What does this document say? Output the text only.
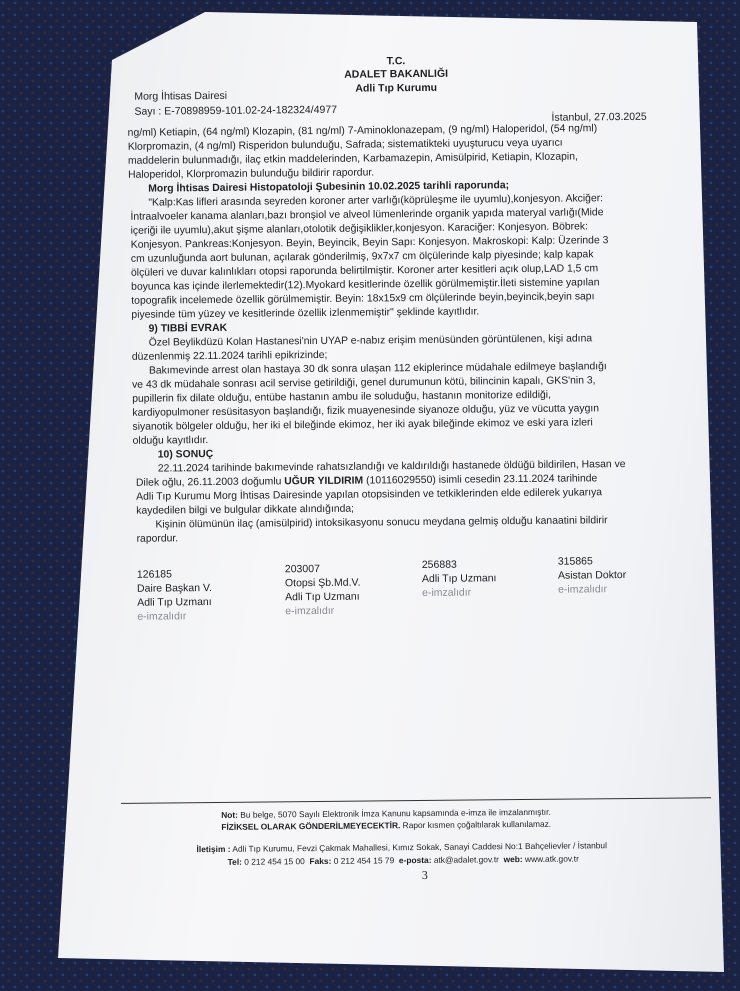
T.C.
ADALET BAKANLIĞI
Adli Tıp Kurumu
Morg İhtisas Dairesi
Sayı : E-70898959-101.02-24-182324/4977	İstanbul, 27.03.2025
ng/ml) Ketiapin, (64 ng/ml) Klozapin, (81 ng/ml) 7-Aminoklonazepam, (9 ng/ml) Haloperidol, (54 ng/ml)
Klorpromazin, (4 ng/ml) Risperidon bulunduğu, Safrada; sistematikteki uyuşturucu veya uyarıcı
maddelerin bulunmadığı, ilaç etkin maddelerinden, Karbamazepin, Amisülpirid, Ketiapin, Klozapin,
Haloperidol, Klorpromazin bulunduğu bildirir rapordur.
Morg İhtisas Dairesi Histopatoloji Şubesinin 10.02.2025 tarihli raporunda;
"Kalp:Kas lifleri arasında seyreden koroner arter varlığı(köprüleşme ile uyumlu),konjesyon. Akciğer:
İntraalvoeler kanama alanları,bazı bronşiol ve alveol lümenlerinde organik yapıda materyal varlığı(Mide
içeriği ile uyumlu),akut şişme alanları,otolotik değişiklikler,konjesyon. Karaciğer: Konjesyon. Böbrek:
Konjesyon. Pankreas:Konjesyon. Beyin, Beyincik, Beyin Sapı: Konjesyon. Makroskopi: Kalp: Üzerinde 3
cm uzunluğunda aort bulunan, açılarak gönderilmiş, 9x7x7 cm ölçülerinde kalp piyesinde; kalp kapak
ölçüleri ve duvar kalınlıkları otopsi raporunda belirtilmiştir. Koroner arter kesitleri açık olup,LAD 1,5 cm
boyunca kas içinde ilerlemektedir(12).Myokard kesitlerinde özellik görülmemiştir.İleti sistemine yapılan
topografik incelemede özellik görülmemiştir. Beyin: 18x15x9 cm ölçülerinde beyin,beyincik,beyin sapı
piyesinde tüm yüzey ve kesitlerinde özellik izlenmemiştir" şeklinde kayıtlıdır.
9) TIBBİ EVRAK
Özel Beylikdüzü Kolan Hastanesi'nin UYAP e-nabız erişim menüsünden görüntülenen, kişi adına
düzenlenmiş 22.11.2024 tarihli epikrizinde;
Bakımevinde arrest olan hastaya 30 dk sonra ulaşan 112 ekiplerince müdahale edilmeye başlandığı
ve 43 dk müdahale sonrası acil servise getirildiği, genel durumunun kötü, bilincinin kapalı, GKS'nin 3,
pupillerin fix dilate olduğu, entübe hastanın ambu ile soluduğu, hastanın monitorize edildiği,
kardiyopulmoner resüsitasyon başlandığı, fizik muayenesinde siyanoze olduğu, yüz ve vücutta yaygın
siyanotik bölgeler olduğu, her iki el bileğinde ekimoz, her iki ayak bileğinde ekimoz ve eski yara izleri
olduğu kayıtlıdır.
10) SONUÇ
22.11.2024 tarihinde bakımevinde rahatsızlandığı ve kaldırıldığı hastanede öldüğü bildirilen, Hasan ve
Dilek oğlu, 26.11.2003 doğumlu UĞUR YILDIRIM (10116029550) isimli cesedin 23.11.2024 tarihinde
Adli Tıp Kurumu Morg İhtisas Dairesinde yapılan otopsisinden ve tetkiklerinden elde edilerek yukarıya
kaydedilen bilgi ve bulgular dikkate alındığında;
Kişinin ölümünün ilaç (amisülpirid) intoksikasyonu sonucu meydana gelmiş olduğu kanaatini bildirir
rapordur.
126185
Daire Başkan V.
Adli Tıp Uzmanı
e-imzalıdır
203007
Otopsi Şb.Md.V.
Adli Tıp Uzmanı
e-imzalıdır
256883
Adli Tıp Uzmanı
e-imzalıdır
315865
Asistan Doktor
e-imzalıdır
Not: Bu belge, 5070 Sayılı Elektronik İmza Kanunu kapsamında e-imza ile imzalanmıştır.
FİZİKSEL OLARAK GÖNDERİLMEYECEKTİR. Rapor kısmen çoğaltılarak kullanılamaz.
İletişim : Adli Tıp Kurumu, Fevzi Çakmak Mahallesi, Kımız Sokak, Sanayi Caddesi No:1 Bahçelievler / İstanbul
Tel: 0 212 454 15 00 Faks: 0 212 454 15 79 e-posta: atk@adalet.gov.tr web: www.atk.gov.tr
3
